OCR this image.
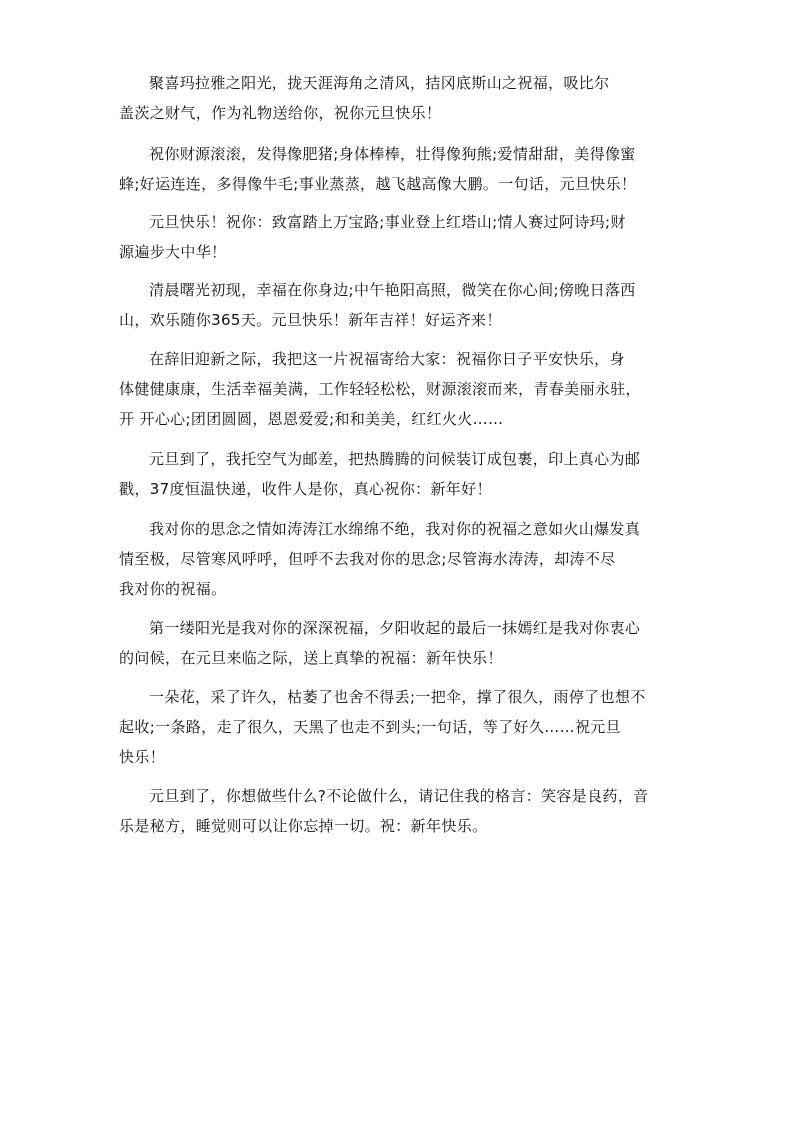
聚喜玛拉雅之阳光，拢天涯海角之清风，拮冈底斯山之祝福，吸比尔
盖茨之财气，作为礼物送给你，祝你元旦快乐！
祝你财源滚滚，发得像肥猪;身体棒棒，壮得像狗熊;爱情甜甜，美得像蜜
蜂;好运连连，多得像牛毛;事业蒸蒸，越飞越高像大鹏。一句话，元旦快乐！
元旦快乐！祝你：致富踏上万宝路;事业登上红塔山;情人赛过阿诗玛;财
源遍步大中华！
清晨曙光初现，幸福在你身边;中午艳阳高照，微笑在你心间;傍晚日落西
山，欢乐随你365天。元旦快乐！新年吉祥！好运齐来！
在辞旧迎新之际，我把这一片祝福寄给大家：祝福你日子平安快乐，身
体健健康康，生活幸福美满，工作轻轻松松，财源滚滚而来，青春美丽永驻，
开 开心心;团团圆圆，恩恩爱爱;和和美美，红红火火……
元旦到了，我托空气为邮差，把热腾腾的问候装订成包裹，印上真心为邮
戳，37度恒温快递，收件人是你，真心祝你：新年好！
我对你的思念之情如涛涛江水绵绵不绝，我对你的祝福之意如火山爆发真
情至极，尽管寒风呼呼，但呼不去我对你的思念;尽管海水涛涛，却涛不尽
我对你的祝福。
第一缕阳光是我对你的深深祝福，夕阳收起的最后一抹嫣红是我对你衷心
的问候，在元旦来临之际，送上真挚的祝福：新年快乐！
一朵花，采了许久，枯萎了也舍不得丢;一把伞，撑了很久，雨停了也想不
起收;一条路，走了很久，天黑了也走不到头;一句话，等了好久……祝元旦
快乐！
元旦到了，你想做些什么?不论做什么，请记住我的格言：笑容是良药，音
乐是秘方，睡觉则可以让你忘掉一切。祝：新年快乐。
